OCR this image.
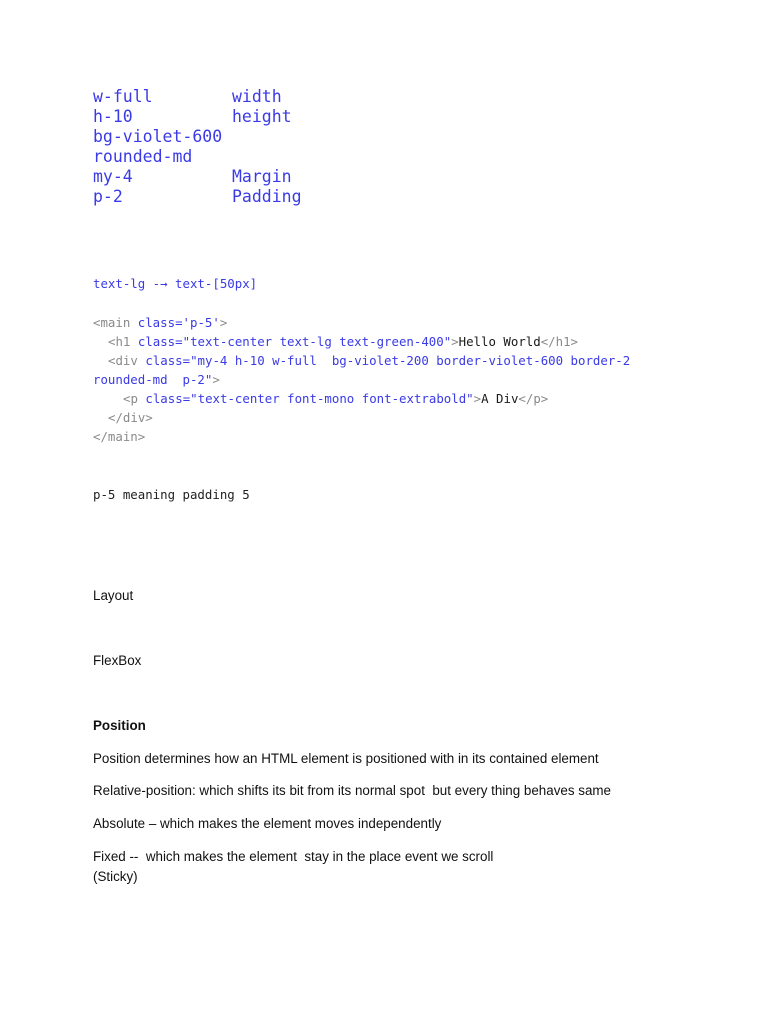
w-full	width
h-10	height
bg-violet-600
rounded-md
my-4	Margin
p-2	Padding
text-lg -→ text-[50px]
<main class='p-5'>
<h1 class="text-center text-lg text-green-400">Hello World</h1>
<div class="my-4 h-10 w-full  bg-violet-200 border-violet-600 border-2
rounded-md  p-2">
<p class="text-center font-mono font-extrabold">A Div</p>
</div>
</main>
p-5 meaning padding 5
Layout
FlexBox
Position
Position determines how an HTML element is positioned with in its contained element
Relative-position: which shifts its bit from its normal spot  but every thing behaves same
Absolute – which makes the element moves independently
Fixed --  which makes the element  stay in the place event we scroll
(Sticky)
